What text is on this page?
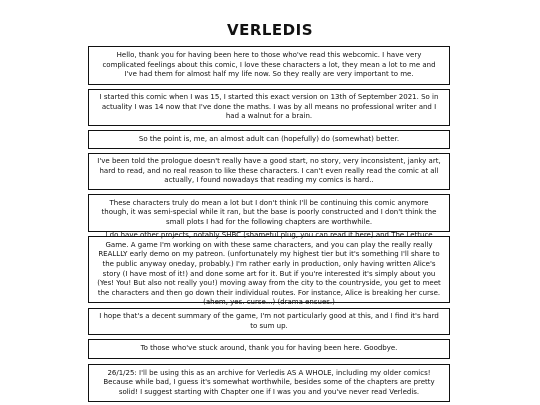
VERLEDIS
Hello, thank you for having been here to those who've read this webcomic. I have very complicated feelings about this comic, I love these characters a lot, they mean a lot to me and I've had them for almost half my life now. So they really are very important to me.
I started this comic when I was 15, I started this exact version on 13th of September 2021. So in actuality I was 14 now that I've done the maths. I was by all means no professional writer and I had a walnut for a brain.
So the point is, me, an almost adult can (hopefully) do (somewhat) better.
I've been told the prologue doesn't really have a good start, no story, very inconsistent, janky art, hard to read, and no real reason to like these characters. I can't even really read the comic at all actually, I found nowadays that reading my comics is hard..
These characters truly do mean a lot but I don't think I'll be continuing this comic anymore though, it was semi-special while it ran, but the base is poorly constructed and I don't think the small plots I had for the following chapters are worthwhile.
I do have other projects, notably SHBC (shameful plug, you can read it here) and The Lettuce Game. A game I'm working on with these same characters, and you can play the really really REALLLY early demo on my patreon. (unfortunately my highest tier but it's something I'll share to the public anyway oneday, probably.) I'm rather early in production, only having written Alice's story (I have most of it!) and done some art for it. But if you're interested it's simply about you (Yes! You! But also not really you!) moving away from the city to the countryside, you get to meet the characters and then go down their individual routes. For instance, Alice is breaking her curse. (ahem, yes. curse...) (drama ensues.)
I hope that's a decent summary of the game, I'm not particularly good at this, and I find it's hard to sum up.
To those who've stuck around, thank you for having been here. Goodbye.
26/1/25: I'll be using this as an archive for Verledis AS A WHOLE, including my older comics! Because while bad, I guess it's somewhat worthwhile, besides some of the chapters are pretty solid! I suggest starting with Chapter one if I was you and you've never read Verledis.
